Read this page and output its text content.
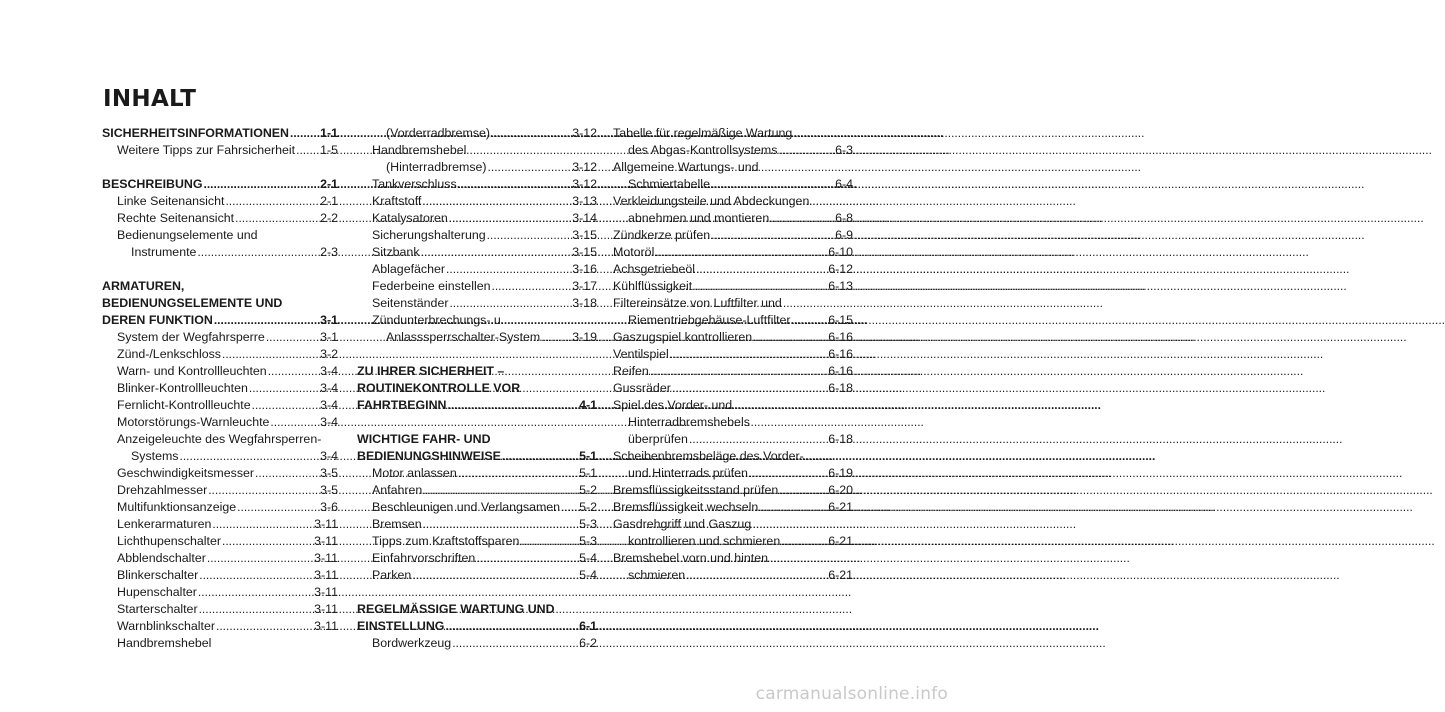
INHALT
SICHERHEITSINFORMATIONEN .....	1-1
Weitere Tipps zur Fahrsicherheit ..... 1-5
BESCHREIBUNG .....	2-1
Linke Seitenansicht .....	2-1
Rechte Seitenansicht .....	2-2
Bedienungselemente und
Instrumente .....	2-3
ARMATUREN,
BEDIENUNGSELEMENTE UND
DEREN FUNKTION .....	3-1
System der Wegfahrsperre .....	3-1
Zünd-/Lenkschloss .....	3-2
Warn- und Kontrollleuchten .....	3-4
Blinker-Kontrollleuchten .....	3-4
Fernlicht-Kontrollleuchte .....	3-4
Motorstörungs-Warnleuchte .....	3-4
Anzeigeleuchte des Wegfahrsperren-
Systems .....	3-4
Geschwindigkeitsmesser .....	3-5
Drehzahlmesser .....	3-5
Multifunktionsanzeige .....	3-6
Lenkerarmaturen .....	3-11
Lichthupenschalter .....	3-11
Abblendschalter .....	3-11
Blinkerschalter .....	3-11
Hupenschalter .....	3-11
Starterschalter .....	3-11
Warnblinkschalter .....	3-11
Handbremshebel
(Vorderradbremse) .....	3-12
Handbremshebel
(Hinterradbremse) .....	3-12
Tankverschluss .....	3-12
Kraftstoff .....	3-13
Katalysatoren .....	3-14
Sicherungshalterung .....	3-15
Sitzbank .....	3-15
Ablagefächer .....	3-16
Federbeine einstellen .....	3-17
Seitenständer .....	3-18
Zündunterbrechungs- u.
Anlasssperrschalter-System .....	3-19
ZU IHRER SICHERHEIT –
ROUTINEKONTROLLE VOR
FAHRTBEGINN .....	4-1
WICHTIGE FAHR- UND
BEDIENUNGSHINWEISE .....	5-1
Motor anlassen .....	5-1
Anfahren .....	5-2
Beschleunigen und Verlangsamen ..... 5-2
Bremsen .....	5-3
Tipps zum Kraftstoffsparen .....	5-3
Einfahrvorschriften .....	5-4
Parken .....	5-4
REGELMÄSSIGE WARTUNG UND
EINSTELLUNG .....	6-1
Bordwerkzeug .....	6-2
Tabelle für regelmäßige Wartung
des Abgas-Kontrollsystems .....	6-3
Allgemeine Wartungs- und
Schmiertabelle .....	6-4
Verkleidungsteile und Abdeckungen
abnehmen und montieren .....	6-8
Zündkerze prüfen .....	6-9
Motoröl .....	6-10
Achsgetriebeöl .....	6-12
Kühlflüssigkeit .....	6-13
Filtereinsätze von Luftfilter und
Riementriebgehäuse-Luftfilter .....	6-15
Gaszugspiel kontrollieren .....	6-16
Ventilspiel .....	6-16
Reifen .....	6-16
Gussräder .....	6-18
Spiel des Vorder- und
Hinterradbremshebels
überprüfen .....	6-18
Scheibenbremsbeläge des Vorder-
und Hinterrads prüfen .....	6-19
Bremsflüssigkeitsstand prüfen .....	6-20
Bremsflüssigkeit wechseln .....	6-21
Gasdrehgriff und Gaszug
kontrollieren und schmieren .....	6-21
Bremshebel vorn und hinten
schmieren .....	6-21
carmanualsonline.info
